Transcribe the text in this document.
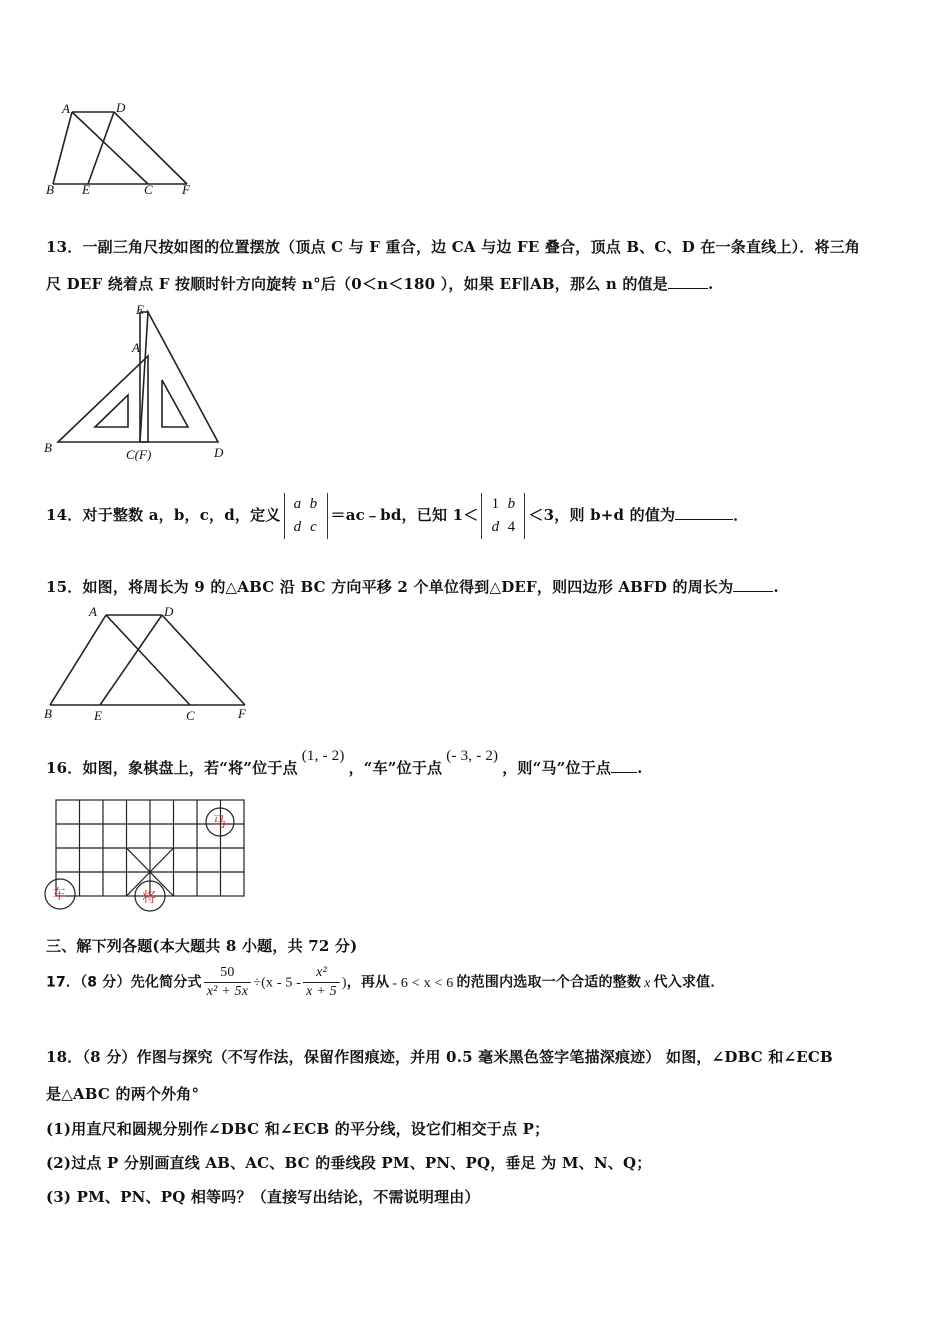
A	D
B E	C F
13．一副三角尺按如图的位置摆放（顶点 C 与 F 重合，边 CA 与边 FE 叠合，顶点 B、C、D 在一条直线上）．将三角
尺 DEF 绕着点 F 按顺时针方向旋转 n°后（0＜n＜180 ），如果 EF∥AB，那么 n 的值是	.
E
A
B	C(F)	D
14．对于整数 a，b，c，d，定义a b
d c＝ac﹣bd，已知 1＜1 b
d 4＜3，则 b+d 的值为	．
15．如图，将周长为 9 的△ABC 沿 BC 方向平移 2 个单位得到△DEF，则四边形 ABFD 的周长为	.
A	D
B	E	C	F
16．如图，象棋盘上，若“将”位于点(1, - 2)，“车”位于点(- 3, - 2)，则“马”位于点 .
马
车	将
三、解下列各题(本大题共 8 小题，共 72 分)
17．（8 分）先化简分式 $\frac{50}{\text{x² + 5x}} \div(x - 5 - \frac{\text{x²}}{x + 5}$ )，再从 - 6 < x < 6 的范围内选取一个合适的整数 x 代入求值．
18．（8 分）作图与探究（不写作法，保留作图痕迹，并用 0.5 毫米黑色签字笔描深痕迹） 如图，∠DBC 和∠ECB
是△ABC 的两个外角°
(1)用直尺和圆规分别作∠DBC 和∠ECB 的平分线，设它们相交于点 P；
(2)过点 P 分别画直线 AB、AC、BC 的垂线段 PM、PN、PQ，垂足 为 M、N、Q；
(3) PM、PN、PQ 相等吗？（直接写出结论，不需说明理由）
